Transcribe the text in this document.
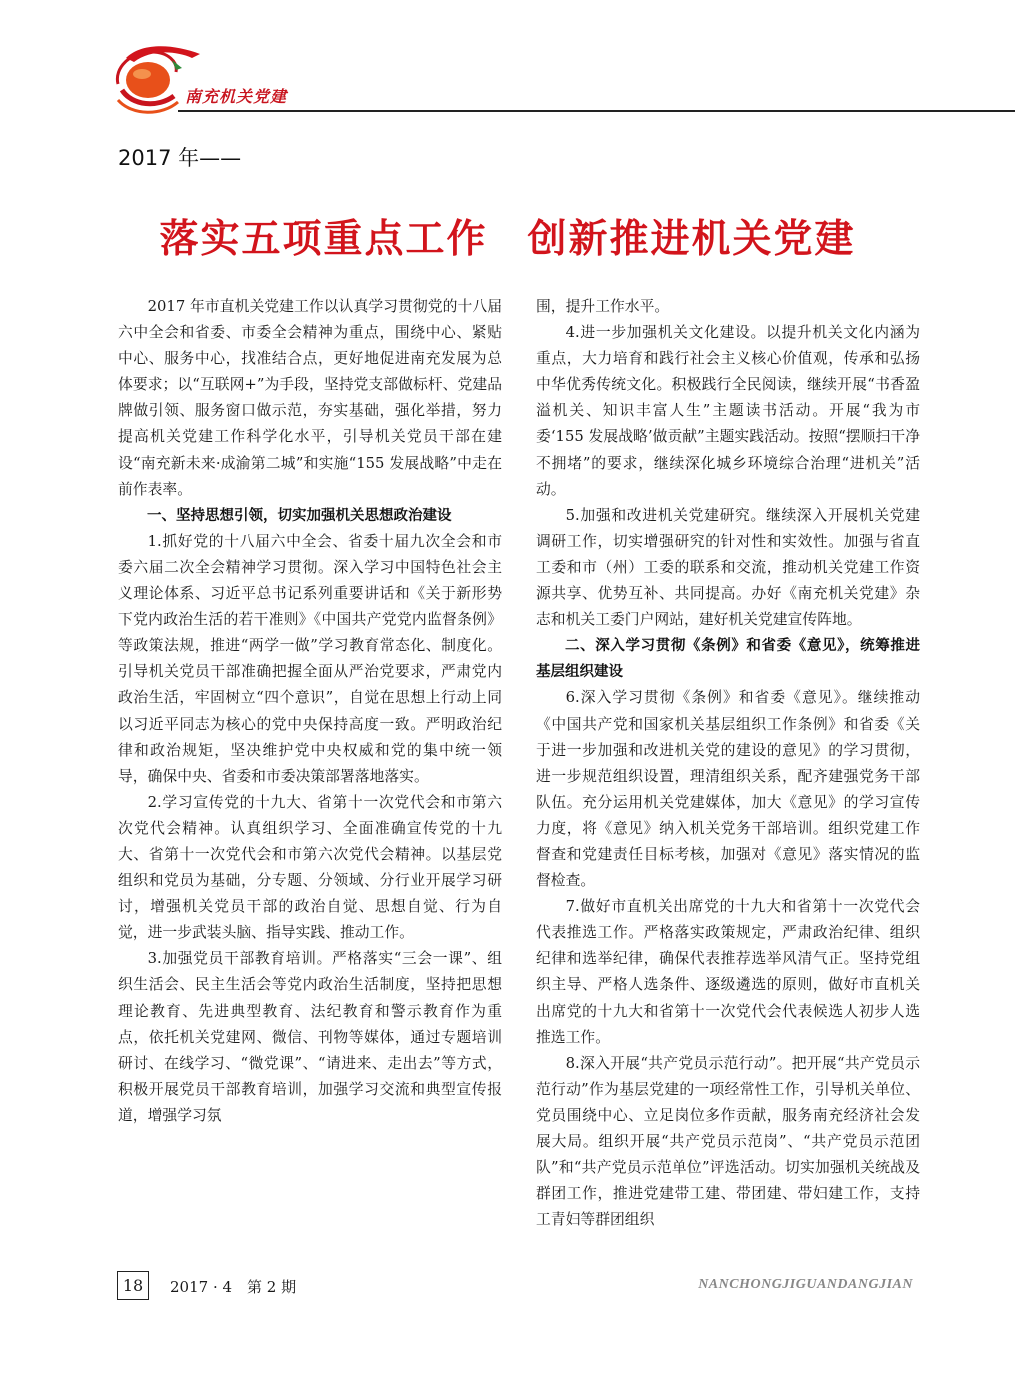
南充机关党建
2017 年——
落实五项重点工作 创新推进机关党建

2017 年市直机关党建工作以认真学习贯彻党的十八届六中全会和省委、市委全会精神为重点，围绕中心、紧贴中心、服务中心，找准结合点，更好地促进南充发展为总体要求；以“互联网+”为手段，坚持党支部做标杆、党建品牌做引领、服务窗口做示范，夯实基础，强化举措，努力提高机关党建工作科学化水平，引导机关党员干部在建设“南充新未来·成渝第二城”和实施“155 发展战略”中走在前作表率。

一、坚持思想引领，切实加强机关思想政治建设

1.抓好党的十八届六中全会、省委十届九次全会和市委六届二次全会精神学习贯彻。深入学习中国特色社会主义理论体系、习近平总书记系列重要讲话和《关于新形势下党内政治生活的若干准则》《中国共产党党内监督条例》等政策法规，推进“两学一做”学习教育常态化、制度化。引导机关党员干部准确把握全面从严治党要求，严肃党内政治生活，牢固树立“四个意识”，自觉在思想上行动上同以习近平同志为核心的党中央保持高度一致。严明政治纪律和政治规矩，坚决维护党中央权威和党的集中统一领导，确保中央、省委和市委决策部署落地落实。

2.学习宣传党的十九大、省第十一次党代会和市第六次党代会精神。认真组织学习、全面准确宣传党的十九大、省第十一次党代会和市第六次党代会精神。以基层党组织和党员为基础，分专题、分领域、分行业开展学习研讨，增强机关党员干部的政治自觉、思想自觉、行为自觉，进一步武装头脑、指导实践、推动工作。

3.加强党员干部教育培训。严格落实“三会一课”、组织生活会、民主生活会等党内政治生活制度，坚持把思想理论教育、先进典型教育、法纪教育和警示教育作为重点，依托机关党建网、微信、刊物等媒体，通过专题培训研讨、在线学习、“微党课”、“请进来、走出去”等方式，积极开展党员干部教育培训，加强学习交流和典型宣传报道，增强学习氛

围，提升工作水平。

4.进一步加强机关文化建设。以提升机关文化内涵为重点，大力培育和践行社会主义核心价值观，传承和弘扬中华优秀传统文化。积极践行全民阅读，继续开展“书香盈溢机关、知识丰富人生”主题读书活动。开展“我为市委‘155 发展战略’做贡献”主题实践活动。按照“摆顺扫干净不拥堵”的要求，继续深化城乡环境综合治理“进机关”活动。

5.加强和改进机关党建研究。继续深入开展机关党建调研工作，切实增强研究的针对性和实效性。加强与省直工委和市（州）工委的联系和交流，推动机关党建工作资源共享、优势互补、共同提高。办好《南充机关党建》杂志和机关工委门户网站，建好机关党建宣传阵地。

二、深入学习贯彻《条例》和省委《意见》，统筹推进基层组织建设

6.深入学习贯彻《条例》和省委《意见》。继续推动《中国共产党和国家机关基层组织工作条例》和省委《关于进一步加强和改进机关党的建设的意见》的学习贯彻，进一步规范组织设置，理清组织关系，配齐建强党务干部队伍。充分运用机关党建媒体，加大《意见》的学习宣传力度，将《意见》纳入机关党务干部培训。组织党建工作督查和党建责任目标考核，加强对《意见》落实情况的监督检查。

7.做好市直机关出席党的十九大和省第十一次党代会代表推选工作。严格落实政策规定，严肃政治纪律、组织纪律和选举纪律，确保代表推荐选举风清气正。坚持党组织主导、严格人选条件、逐级遴选的原则，做好市直机关出席党的十九大和省第十一次党代会代表候选人初步人选推选工作。

8.深入开展“共产党员示范行动”。把开展“共产党员示范行动”作为基层党建的一项经常性工作，引导机关单位、党员围绕中心、立足岗位多作贡献，服务南充经济社会发展大局。组织开展“共产党员示范岗”、“共产党员示范团队”和“共产党员示范单位”评选活动。切实加强机关统战及群团工作，推进党建带工建、带团建、带妇建工作，支持工青妇等群团组织

18	2017 · 4　第 2 期	NANCHONGJIGUANDANGJIAN
